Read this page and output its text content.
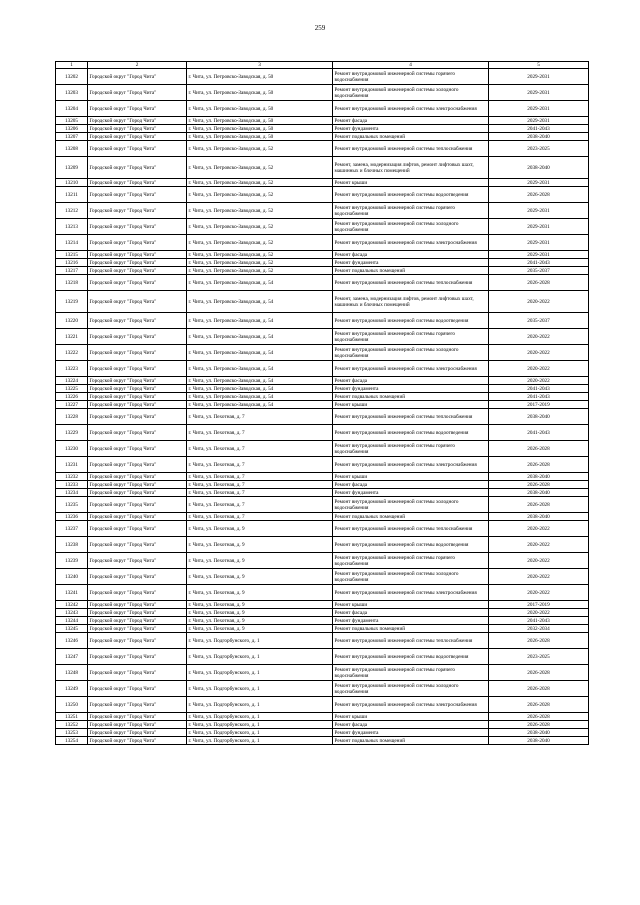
259
1	2	3	4	5
13202	Городской округ "Город Чита"	г. Чита, ул. Петровско-Заводская, д. 50	Ремонт внутридомовой инженерной системы горячего водоснабжения	2029-2031
13203	Городской округ "Город Чита"	г. Чита, ул. Петровско-Заводская, д. 50	Ремонт внутридомовой инженерной системы холодного водоснабжения	2029-2031
13204	Городской округ "Город Чита"	г. Чита, ул. Петровско-Заводская, д. 50	Ремонт внутридомовой инженерной системы электроснабжения	2029-2031
13205	Городской округ "Город Чита"	г. Чита, ул. Петровско-Заводская, д. 50	Ремонт фасада	2029-2031
13206	Городской округ "Город Чита"	г. Чита, ул. Петровско-Заводская, д. 50	Ремонт фундамента	2041-2043
13207	Городской округ "Город Чита"	г. Чита, ул. Петровско-Заводская, д. 50	Ремонт подвальных помещений	2038-2040
13208	Городской округ "Город Чита"	г. Чита, ул. Петровско-Заводская, д. 52	Ремонт внутридомовой инженерной системы теплоснабжения	2023-2025
13209	Городской округ "Город Чита"	г. Чита, ул. Петровско-Заводская, д. 52	Ремонт, замена, модернизация лифтов, ремонт лифтовых шахт, машинных и блочных помещений	2038-2040
13210	Городской округ "Город Чита"	г. Чита, ул. Петровско-Заводская, д. 52	Ремонт крыши	2029-2031
13211	Городской округ "Город Чита"	г. Чита, ул. Петровско-Заводская, д. 52	Ремонт внутридомовой инженерной системы водоотведения	2026-2028
13212	Городской округ "Город Чита"	г. Чита, ул. Петровско-Заводская, д. 52	Ремонт внутридомовой инженерной системы горячего водоснабжения	2029-2031
13213	Городской округ "Город Чита"	г. Чита, ул. Петровско-Заводская, д. 52	Ремонт внутридомовой инженерной системы холодного водоснабжения	2029-2031
13214	Городской округ "Город Чита"	г. Чита, ул. Петровско-Заводская, д. 52	Ремонт внутридомовой инженерной системы электроснабжения	2029-2031
13215	Городской округ "Город Чита"	г. Чита, ул. Петровско-Заводская, д. 52	Ремонт фасада	2029-2031
13216	Городской округ "Город Чита"	г. Чита, ул. Петровско-Заводская, д. 52	Ремонт фундамента	2041-2043
13217	Городской округ "Город Чита"	г. Чита, ул. Петровско-Заводская, д. 52	Ремонт подвальных помещений	2035-2037
13218	Городской округ "Город Чита"	г. Чита, ул. Петровско-Заводская, д. 54	Ремонт внутридомовой инженерной системы теплоснабжения	2026-2028
13219	Городской округ "Город Чита"	г. Чита, ул. Петровско-Заводская, д. 54	Ремонт, замена, модернизация лифтов, ремонт лифтовых шахт, машинных и блочных помещений	2020-2022
13220	Городской округ "Город Чита"	г. Чита, ул. Петровско-Заводская, д. 54	Ремонт внутридомовой инженерной системы водоотведения	2035-2037
13221	Городской округ "Город Чита"	г. Чита, ул. Петровско-Заводская, д. 54	Ремонт внутридомовой инженерной системы горячего водоснабжения	2020-2022
13222	Городской округ "Город Чита"	г. Чита, ул. Петровско-Заводская, д. 54	Ремонт внутридомовой инженерной системы холодного водоснабжения	2020-2022
13223	Городской округ "Город Чита"	г. Чита, ул. Петровско-Заводская, д. 54	Ремонт внутридомовой инженерной системы электроснабжения	2020-2022
13224	Городской округ "Город Чита"	г. Чита, ул. Петровско-Заводская, д. 54	Ремонт фасада	2020-2022
13225	Городской округ "Город Чита"	г. Чита, ул. Петровско-Заводская, д. 54	Ремонт фундамента	2041-2043
13226	Городской округ "Город Чита"	г. Чита, ул. Петровско-Заводская, д. 54	Ремонт подвальных помещений	2041-2043
13227	Городской округ "Город Чита"	г. Чита, ул. Петровско-Заводская, д. 54	Ремонт крыши	2017-2019
13228	Городской округ "Город Чита"	г. Чита, ул. Пехотная, д. 7	Ремонт внутридомовой инженерной системы теплоснабжения	2038-2040
13229	Городской округ "Город Чита"	г. Чита, ул. Пехотная, д. 7	Ремонт внутридомовой инженерной системы водоотведения	2041-2043
13230	Городской округ "Город Чита"	г. Чита, ул. Пехотная, д. 7	Ремонт внутридомовой инженерной системы горячего водоснабжения	2026-2028
13231	Городской округ "Город Чита"	г. Чита, ул. Пехотная, д. 7	Ремонт внутридомовой инженерной системы электроснабжения	2026-2028
13232	Городской округ "Город Чита"	г. Чита, ул. Пехотная, д. 7	Ремонт крыши	2038-2040
13233	Городской округ "Город Чита"	г. Чита, ул. Пехотная, д. 7	Ремонт фасада	2026-2028
13234	Городской округ "Город Чита"	г. Чита, ул. Пехотная, д. 7	Ремонт фундамента	2038-2040
13235	Городской округ "Город Чита"	г. Чита, ул. Пехотная, д. 7	Ремонт внутридомовой инженерной системы холодного водоснабжения	2026-2028
13236	Городской округ "Город Чита"	г. Чита, ул. Пехотная, д. 7	Ремонт подвальных помещений	2038-2040
13237	Городской округ "Город Чита"	г. Чита, ул. Пехотная, д. 9	Ремонт внутридомовой инженерной системы теплоснабжения	2020-2022
13238	Городской округ "Город Чита"	г. Чита, ул. Пехотная, д. 9	Ремонт внутридомовой инженерной системы водоотведения	2020-2022
13239	Городской округ "Город Чита"	г. Чита, ул. Пехотная, д. 9	Ремонт внутридомовой инженерной системы горячего водоснабжения	2020-2022
13240	Городской округ "Город Чита"	г. Чита, ул. Пехотная, д. 9	Ремонт внутридомовой инженерной системы холодного водоснабжения	2020-2022
13241	Городской округ "Город Чита"	г. Чита, ул. Пехотная, д. 9	Ремонт внутридомовой инженерной системы электроснабжения	2020-2022
13242	Городской округ "Город Чита"	г. Чита, ул. Пехотная, д. 9	Ремонт крыши	2017-2019
13243	Городской округ "Город Чита"	г. Чита, ул. Пехотная, д. 9	Ремонт фасада	2020-2022
13244	Городской округ "Город Чита"	г. Чита, ул. Пехотная, д. 9	Ремонт фундамента	2041-2043
13245	Городской округ "Город Чита"	г. Чита, ул. Пехотная, д. 9	Ремонт подвальных помещений	2032-2034
13246	Городской округ "Город Чита"	г. Чита, ул. Подгорбунского, д. 1	Ремонт внутридомовой инженерной системы теплоснабжения	2026-2028
13247	Городской округ "Город Чита"	г. Чита, ул. Подгорбунского, д. 1	Ремонт внутридомовой инженерной системы водоотведения	2023-2025
13248	Городской округ "Город Чита"	г. Чита, ул. Подгорбунского, д. 1	Ремонт внутридомовой инженерной системы горячего водоснабжения	2026-2028
13249	Городской округ "Город Чита"	г. Чита, ул. Подгорбунского, д. 1	Ремонт внутридомовой инженерной системы холодного водоснабжения	2026-2028
13250	Городской округ "Город Чита"	г. Чита, ул. Подгорбунского, д. 1	Ремонт внутридомовой инженерной системы электроснабжения	2026-2028
13251	Городской округ "Город Чита"	г. Чита, ул. Подгорбунского, д. 1	Ремонт крыши	2026-2028
13252	Городской округ "Город Чита"	г. Чита, ул. Подгорбунского, д. 1	Ремонт фасада	2026-2028
13253	Городской округ "Город Чита"	г. Чита, ул. Подгорбунского, д. 1	Ремонт фундамента	2038-2040
13254	Городской округ "Город Чита"	г. Чита, ул. Подгорбунского, д. 1	Ремонт подвальных помещений	2038-2040
